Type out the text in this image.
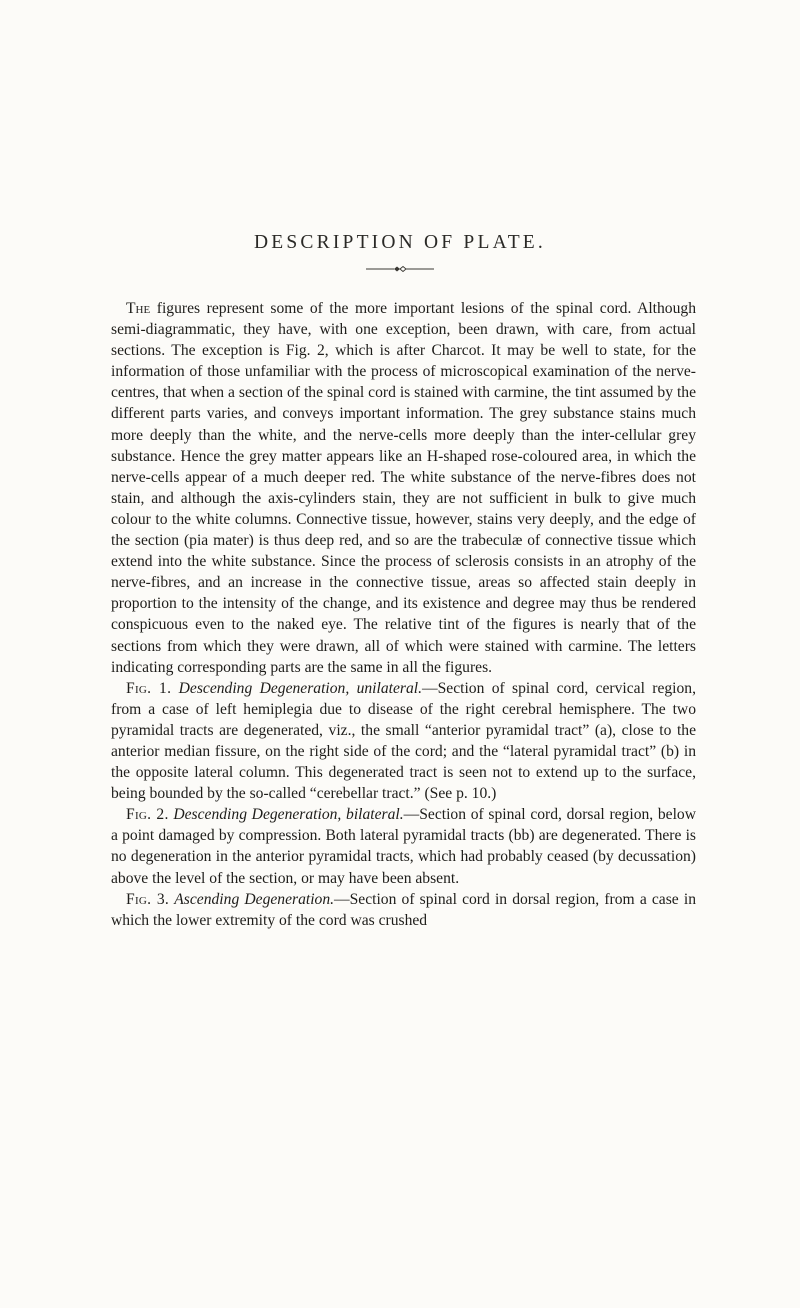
DESCRIPTION OF PLATE.

The figures represent some of the more important lesions of the spinal cord. Although semi-diagrammatic, they have, with one exception, been drawn, with care, from actual sections. The exception is Fig. 2, which is after Charcot. It may be well to state, for the information of those unfamiliar with the process of microscopical examination of the nerve-centres, that when a section of the spinal cord is stained with carmine, the tint assumed by the different parts varies, and conveys important information. The grey substance stains much more deeply than the white, and the nerve-cells more deeply than the inter-cellular grey substance. Hence the grey matter appears like an H-shaped rose-coloured area, in which the nerve-cells appear of a much deeper red. The white substance of the nerve-fibres does not stain, and although the axis-cylinders stain, they are not sufficient in bulk to give much colour to the white columns. Connective tissue, however, stains very deeply, and the edge of the section (pia mater) is thus deep red, and so are the trabeculæ of connective tissue which extend into the white substance. Since the process of sclerosis consists in an atrophy of the nerve-fibres, and an increase in the connective tissue, areas so affected stain deeply in proportion to the intensity of the change, and its existence and degree may thus be rendered conspicuous even to the naked eye. The relative tint of the figures is nearly that of the sections from which they were drawn, all of which were stained with carmine. The letters indicating corresponding parts are the same in all the figures.

Fig. 1. Descending Degeneration, unilateral.—Section of spinal cord, cervical region, from a case of left hemiplegia due to disease of the right cerebral hemisphere. The two pyramidal tracts are degenerated, viz., the small “anterior pyramidal tract” (a), close to the anterior median fissure, on the right side of the cord; and the “lateral pyramidal tract” (b) in the opposite lateral column. This degenerated tract is seen not to extend up to the surface, being bounded by the so-called “cerebellar tract.” (See p. 10.)

Fig. 2. Descending Degeneration, bilateral.—Section of spinal cord, dorsal region, below a point damaged by compression. Both lateral pyramidal tracts (bb) are degenerated. There is no degeneration in the anterior pyramidal tracts, which had probably ceased (by decussation) above the level of the section, or may have been absent.

Fig. 3. Ascending Degeneration.—Section of spinal cord in dorsal region, from a case in which the lower extremity of the cord was crushed
